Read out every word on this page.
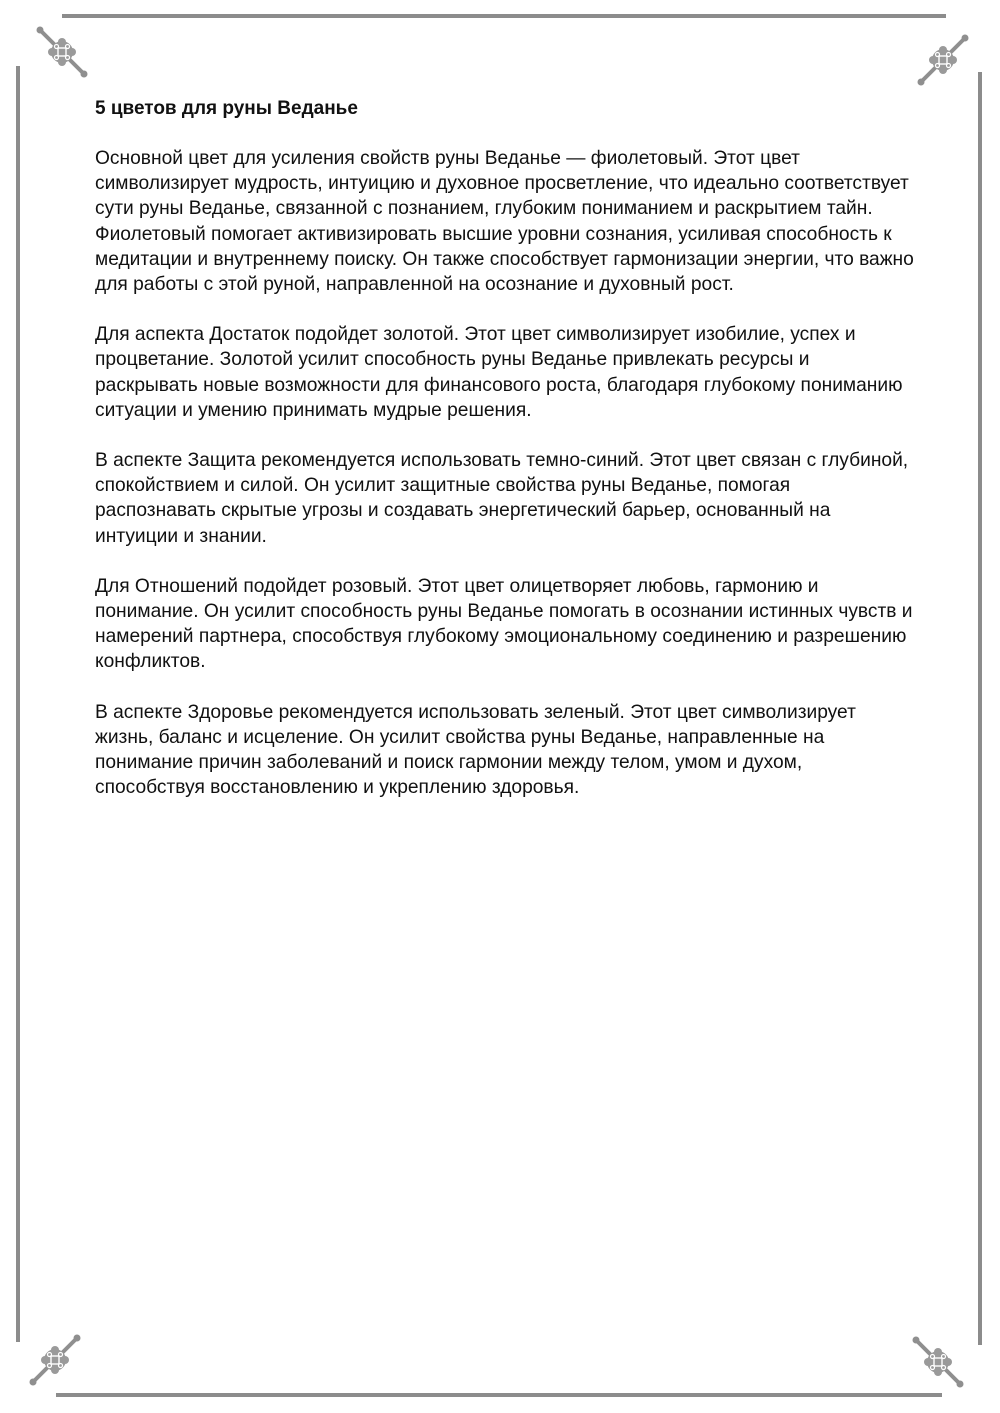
5 цветов для руны Веданье

Основной цвет для усиления свойств руны Веданье — фиолетовый. Этот цвет символизирует мудрость, интуицию и духовное просветление, что идеально соответствует сути руны Веданье, связанной с познанием, глубоким пониманием и раскрытием тайн. Фиолетовый помогает активизировать высшие уровни сознания, усиливая способность к медитации и внутреннему поиску. Он также способствует гармонизации энергии, что важно для работы с этой руной, направленной на осознание и духовный рост.

Для аспекта Достаток подойдет золотой. Этот цвет символизирует изобилие, успех и процветание. Золотой усилит способность руны Веданье привлекать ресурсы и раскрывать новые возможности для финансового роста, благодаря глубокому пониманию ситуации и умению принимать мудрые решения.

В аспекте Защита рекомендуется использовать темно-синий. Этот цвет связан с глубиной, спокойствием и силой. Он усилит защитные свойства руны Веданье, помогая распознавать скрытые угрозы и создавать энергетический барьер, основанный на интуиции и знании.

Для Отношений подойдет розовый. Этот цвет олицетворяет любовь, гармонию и понимание. Он усилит способность руны Веданье помогать в осознании истинных чувств и намерений партнера, способствуя глубокому эмоциональному соединению и разрешению конфликтов.

В аспекте Здоровье рекомендуется использовать зеленый. Этот цвет символизирует жизнь, баланс и исцеление. Он усилит свойства руны Веданье, направленные на понимание причин заболеваний и поиск гармонии между телом, умом и духом, способствуя восстановлению и укреплению здоровья.
